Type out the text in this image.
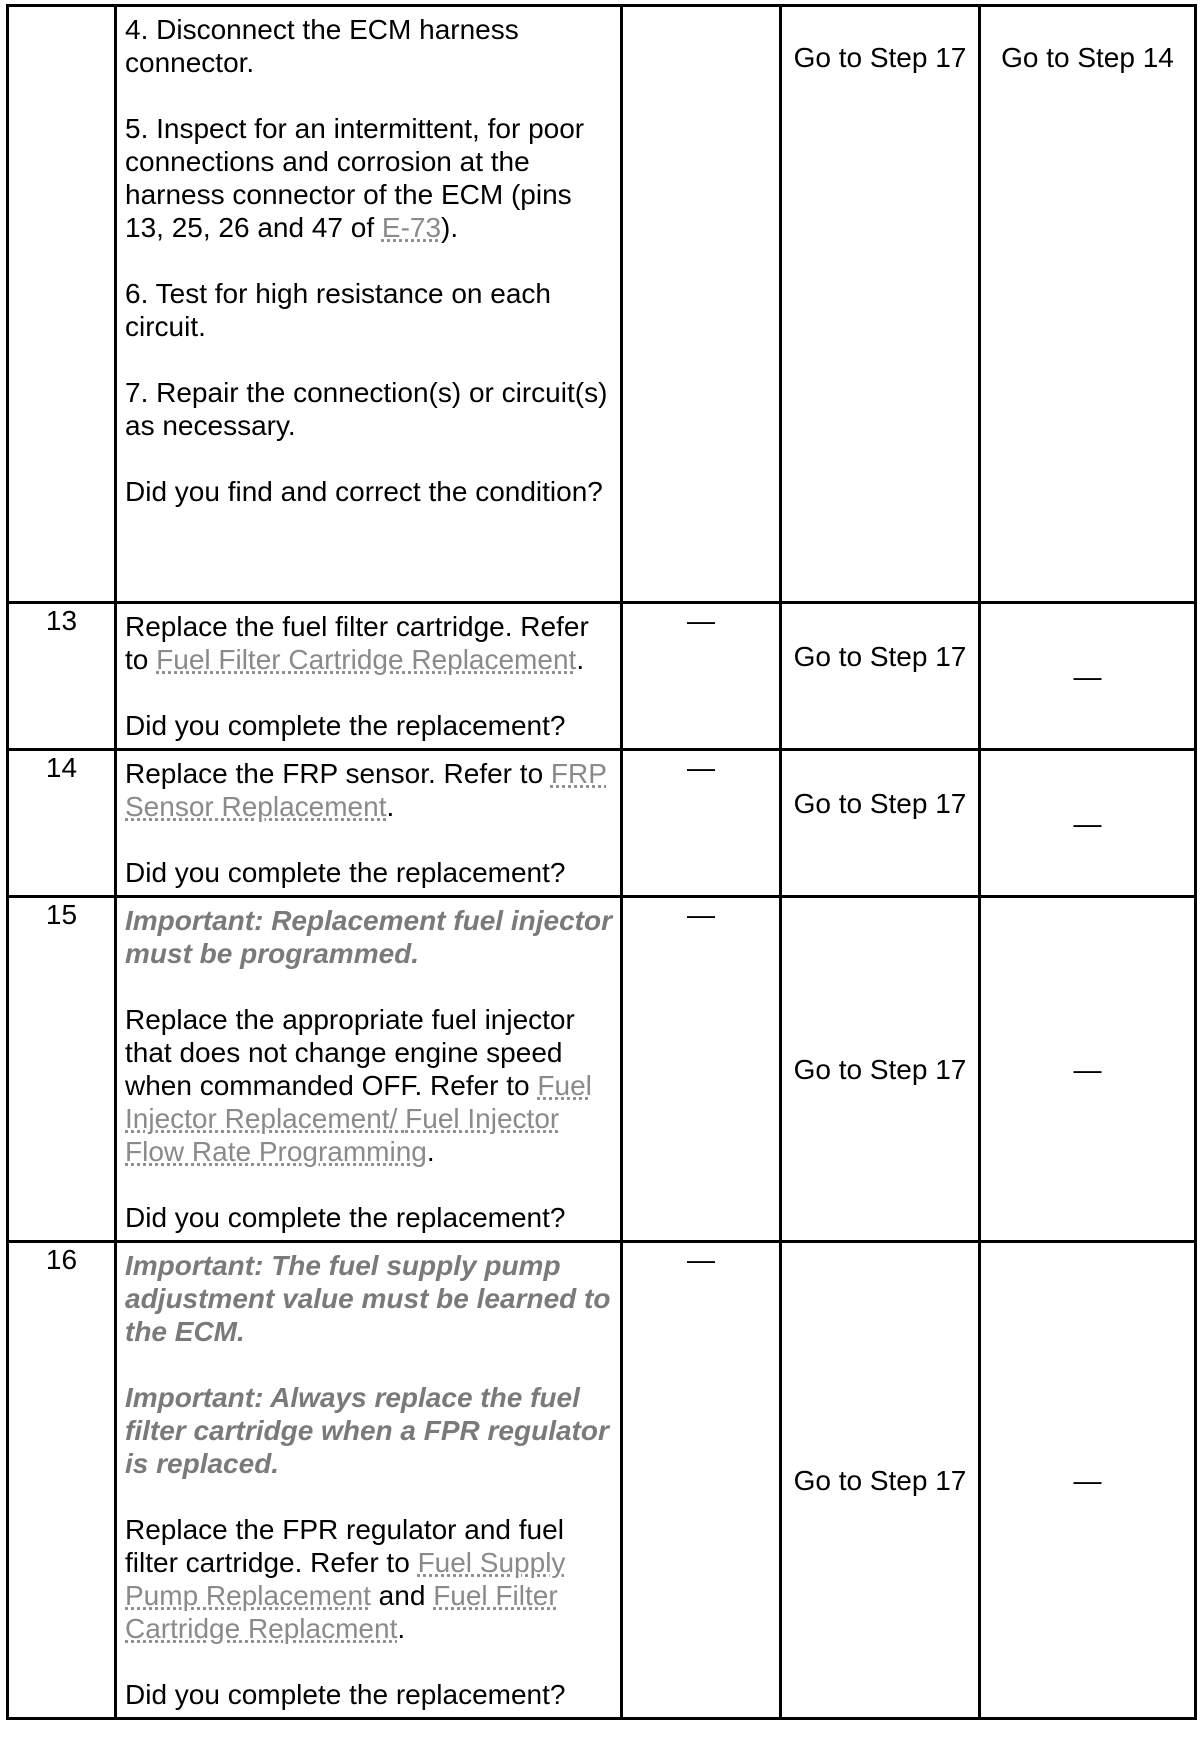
	4. Disconnect the ECM harness connector.
5. Inspect for an intermittent, for poor connections and corrosion at the harness connector of the ECM (pins 13, 25, 26 and 47 of E-73).
6. Test for high resistance on each circuit.
7. Repair the connection(s) or circuit(s) as necessary.
Did you find and correct the condition?		Go to Step 17	Go to Step 14

13	Replace the fuel filter cartridge. Refer to Fuel Filter Cartridge Replacement.
Did you complete the replacement?	—	Go to Step 17	—
14	Replace the FRP sensor. Refer to FRP Sensor Replacement.
Did you complete the replacement?	—	Go to Step 17	—
15	Important: Replacement fuel injector must be programmed.
Replace the appropriate fuel injector that does not change engine speed when commanded OFF. Refer to Fuel Injector Replacement/ Fuel Injector Flow Rate Programming.
Did you complete the replacement?	—	Go to Step 17	—
16	Important: The fuel supply pump adjustment value must be learned to the ECM.
Important: Always replace the fuel filter cartridge when a FPR regulator is replaced.
Replace the FPR regulator and fuel filter cartridge. Refer to Fuel Supply Pump Replacement and Fuel Filter Cartridge Replacment.
Did you complete the replacement?	—	Go to Step 17	—
